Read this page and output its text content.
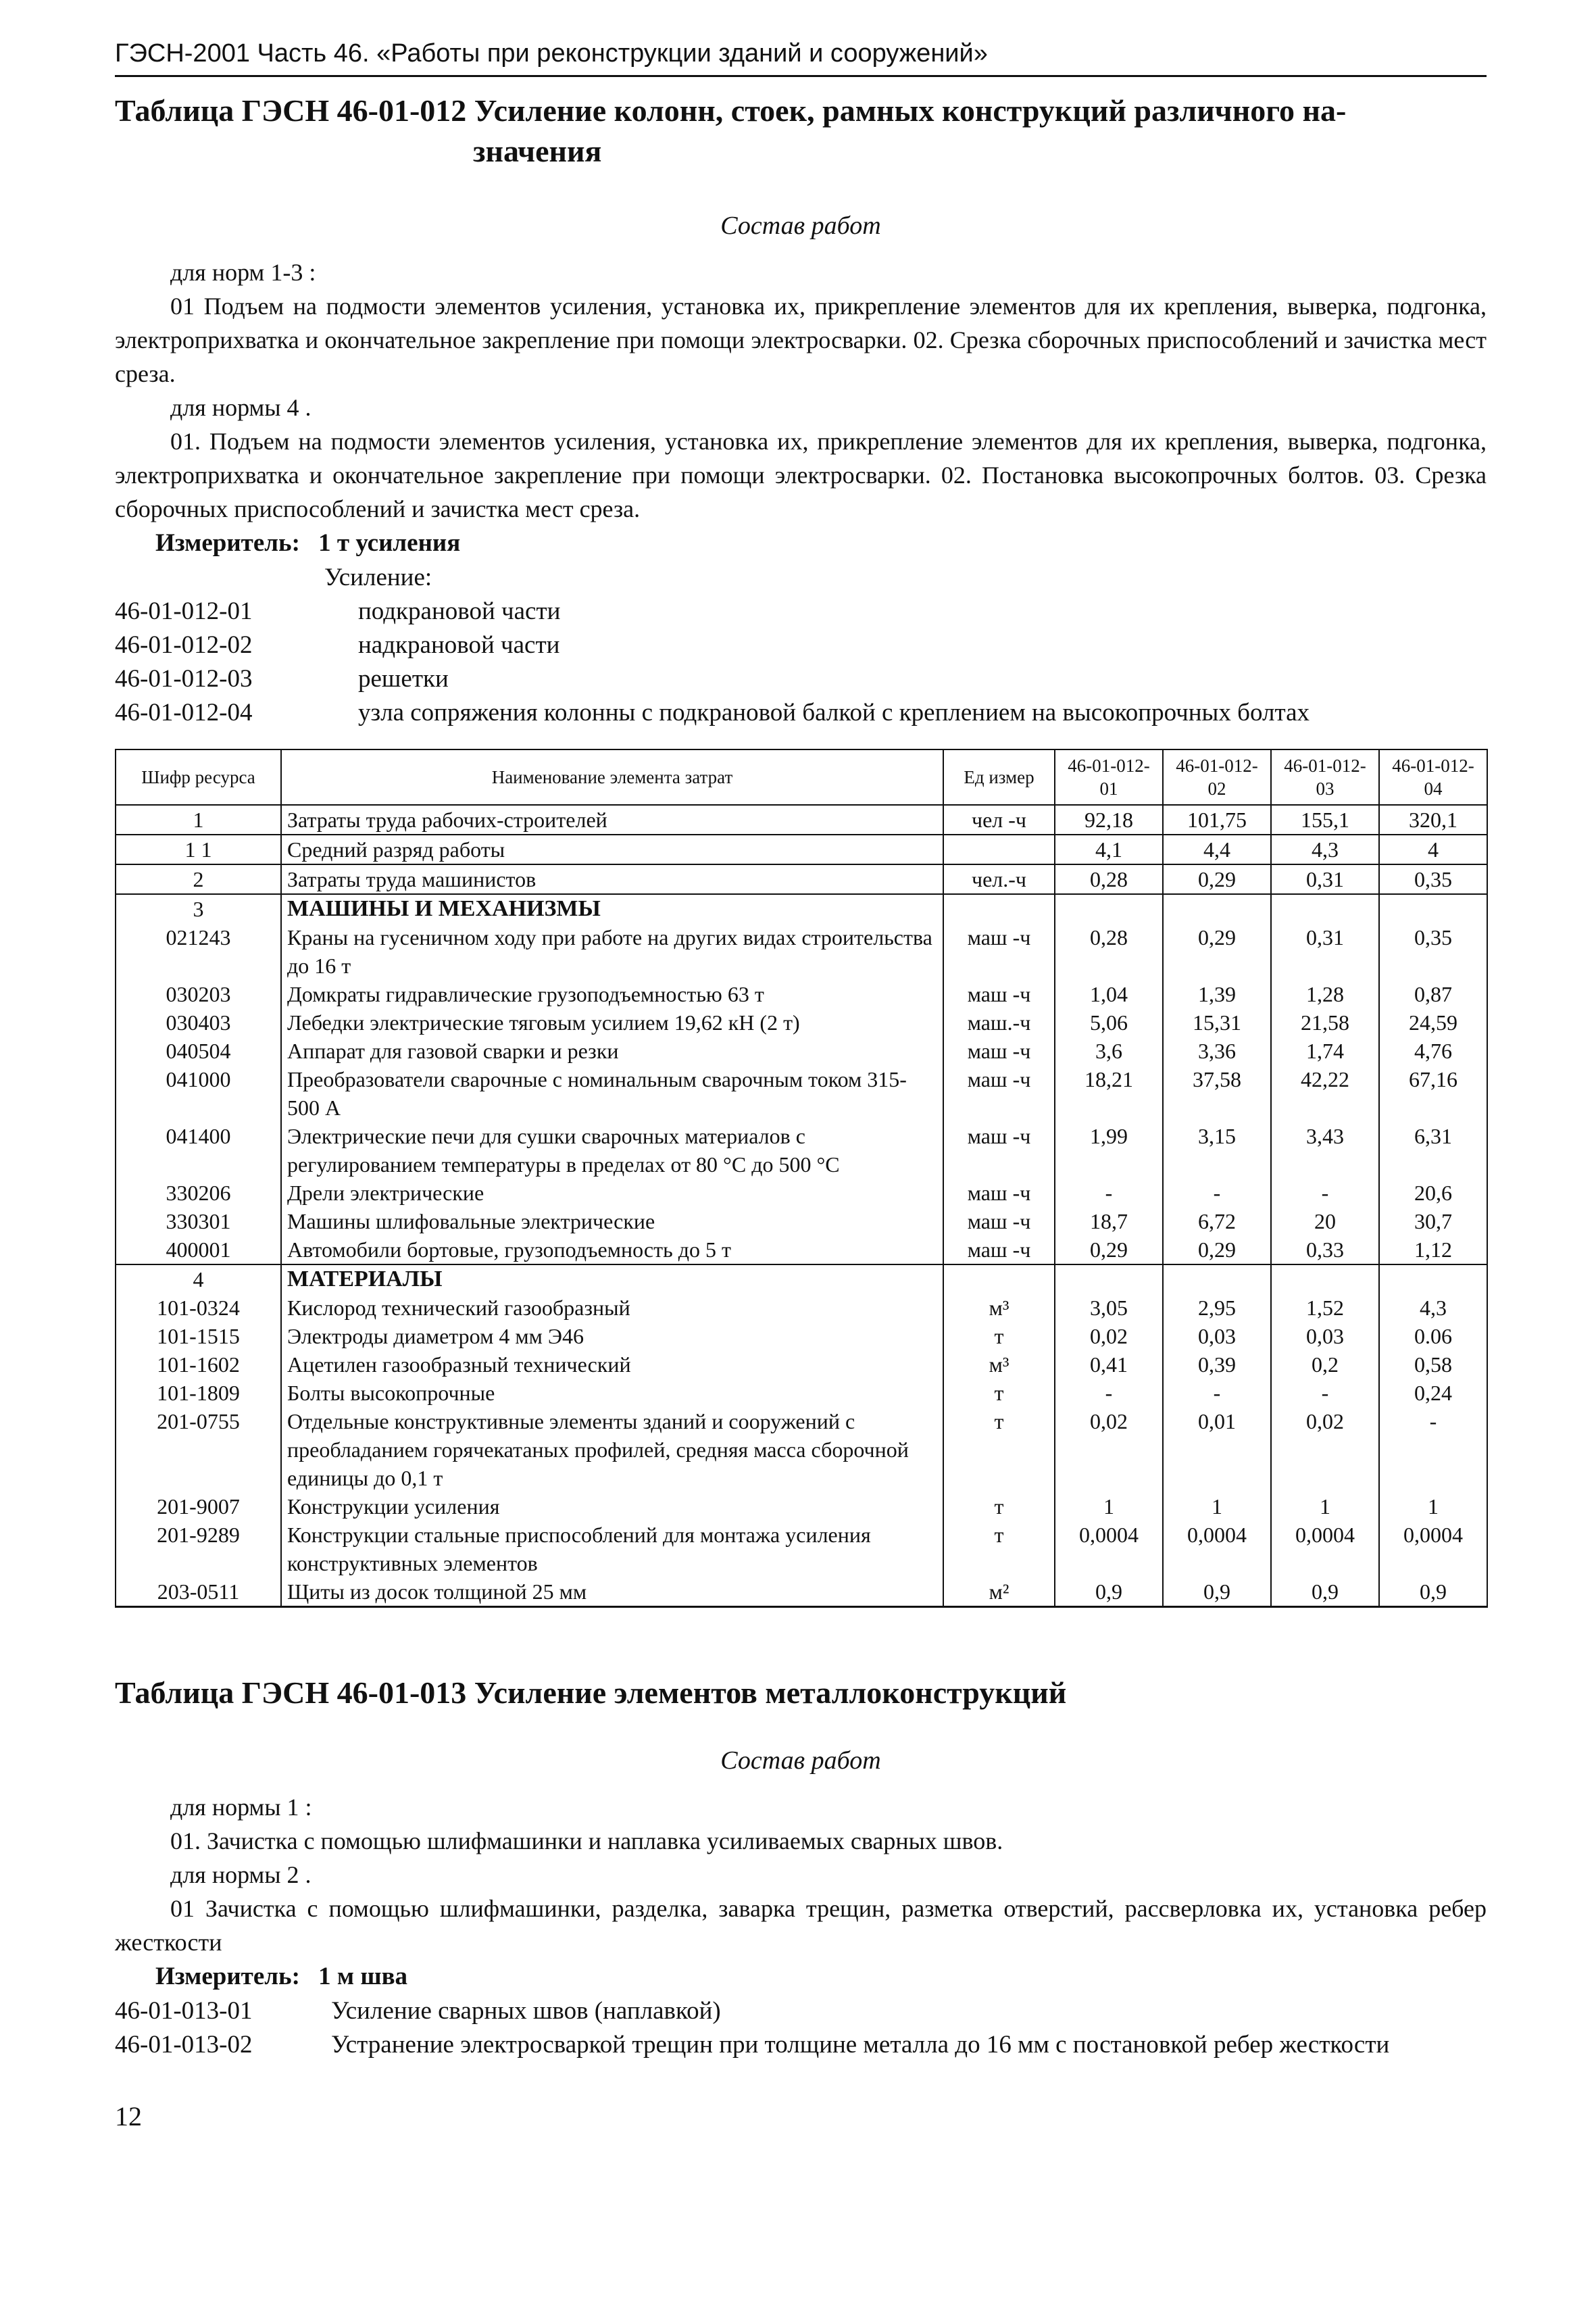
ГЭСН-2001 Часть 46. «Работы при реконструкции зданий и сооружений»
Таблица ГЭСН 46-01-012 Усиление колонн, стоек, рамных конструкций различного на-
значения
Состав работ

для норм 1-3 :

01 Подъем на подмости элементов усиления, установка их, прикрепление элементов для их крепления, выверка, подгонка, электроприхватка и окончательное закрепление при помощи электросварки. 02. Срезка сборочных приспособлений и зачистка мест среза.

для нормы 4 .

01. Подъем на подмости элементов усиления, установка их, прикрепление элементов для их крепления, выверка, подгонка, электроприхватка и окончательное закрепление при помощи электросварки. 02. Постановка высокопрочных болтов. 03. Срезка сборочных приспособлений и зачистка мест среза.

Измеритель: 1 т усиления
Усиление:
46-01-012-01	подкрановой части
46-01-012-02	надкрановой части
46-01-012-03	решетки
46-01-012-04	узла сопряжения колонны с подкрановой балкой с креплением на высокопрочных болтах
Шифр ресурса	Наименование элемента затрат	Ед измер	46-01-012-01	46-01-012-02	46-01-012-03	46-01-012-04
1	Затраты труда рабочих-строителей	чел -ч	92,18	101,75	155,1	320,1
1 1	Средний разряд работы		4,1	4,4	4,3	4
2	Затраты труда машинистов	чел.-ч	0,28	0,29	0,31	0,35
3	МАШИНЫ И МЕХАНИЗМЫ					
021243	Краны на гусеничном ходу при работе на других видах строительства до 16 т	маш -ч	0,28	0,29	0,31	0,35
030203	Домкраты гидравлические грузоподъемностью 63 т	маш -ч	1,04	1,39	1,28	0,87
030403	Лебедки электрические тяговым усилием 19,62 кН (2 т)	маш.-ч	5,06	15,31	21,58	24,59
040504	Аппарат для газовой сварки и резки	маш -ч	3,6	3,36	1,74	4,76
041000	Преобразователи сварочные с номинальным сварочным током 315-500 А	маш -ч	18,21	37,58	42,22	67,16
041400	Электрические печи для сушки сварочных материалов с регулированием температуры в пределах от 80 °С до 500 °С	маш -ч	1,99	3,15	3,43	6,31
330206	Дрели электрические	маш -ч	-	-	-	20,6
330301	Машины шлифовальные электрические	маш -ч	18,7	6,72	20	30,7
400001	Автомобили бортовые, грузоподъемность до 5 т	маш -ч	0,29	0,29	0,33	1,12
4	МАТЕРИАЛЫ					
101-0324	Кислород технический газообразный	м³	3,05	2,95	1,52	4,3
101-1515	Электроды диаметром 4 мм Э46	т	0,02	0,03	0,03	0.06
101-1602	Ацетилен газообразный технический	м³	0,41	0,39	0,2	0,58
101-1809	Болты высокопрочные	т	-	-	-	0,24
201-0755	Отдельные конструктивные элементы зданий и сооружений с преобладанием горячекатаных профилей, средняя масса сборочной единицы до 0,1 т	т	0,02	0,01	0,02	-
201-9007	Конструкции усиления	т	1	1	1	1
201-9289	Конструкции стальные приспособлений для монтажа усиления конструктивных элементов	т	0,0004	0,0004	0,0004	0,0004
203-0511	Щиты из досок толщиной 25 мм	м²	0,9	0,9	0,9	0,9
Таблица ГЭСН 46-01-013 Усиление элементов металлоконструкций
Состав работ

для нормы 1 :

01. Зачистка с помощью шлифмашинки и наплавка усиливаемых сварных швов.

для нормы 2 .

01 Зачистка с помощью шлифмашинки, разделка, заварка трещин, разметка отверстий, рассверловка их, установка ребер жесткости

Измеритель: 1 м шва
46-01-013-01	Усиление сварных швов (наплавкой)
46-01-013-02	Устранение электросваркой трещин при толщине металла до 16 мм с постановкой ребер жесткости
12
